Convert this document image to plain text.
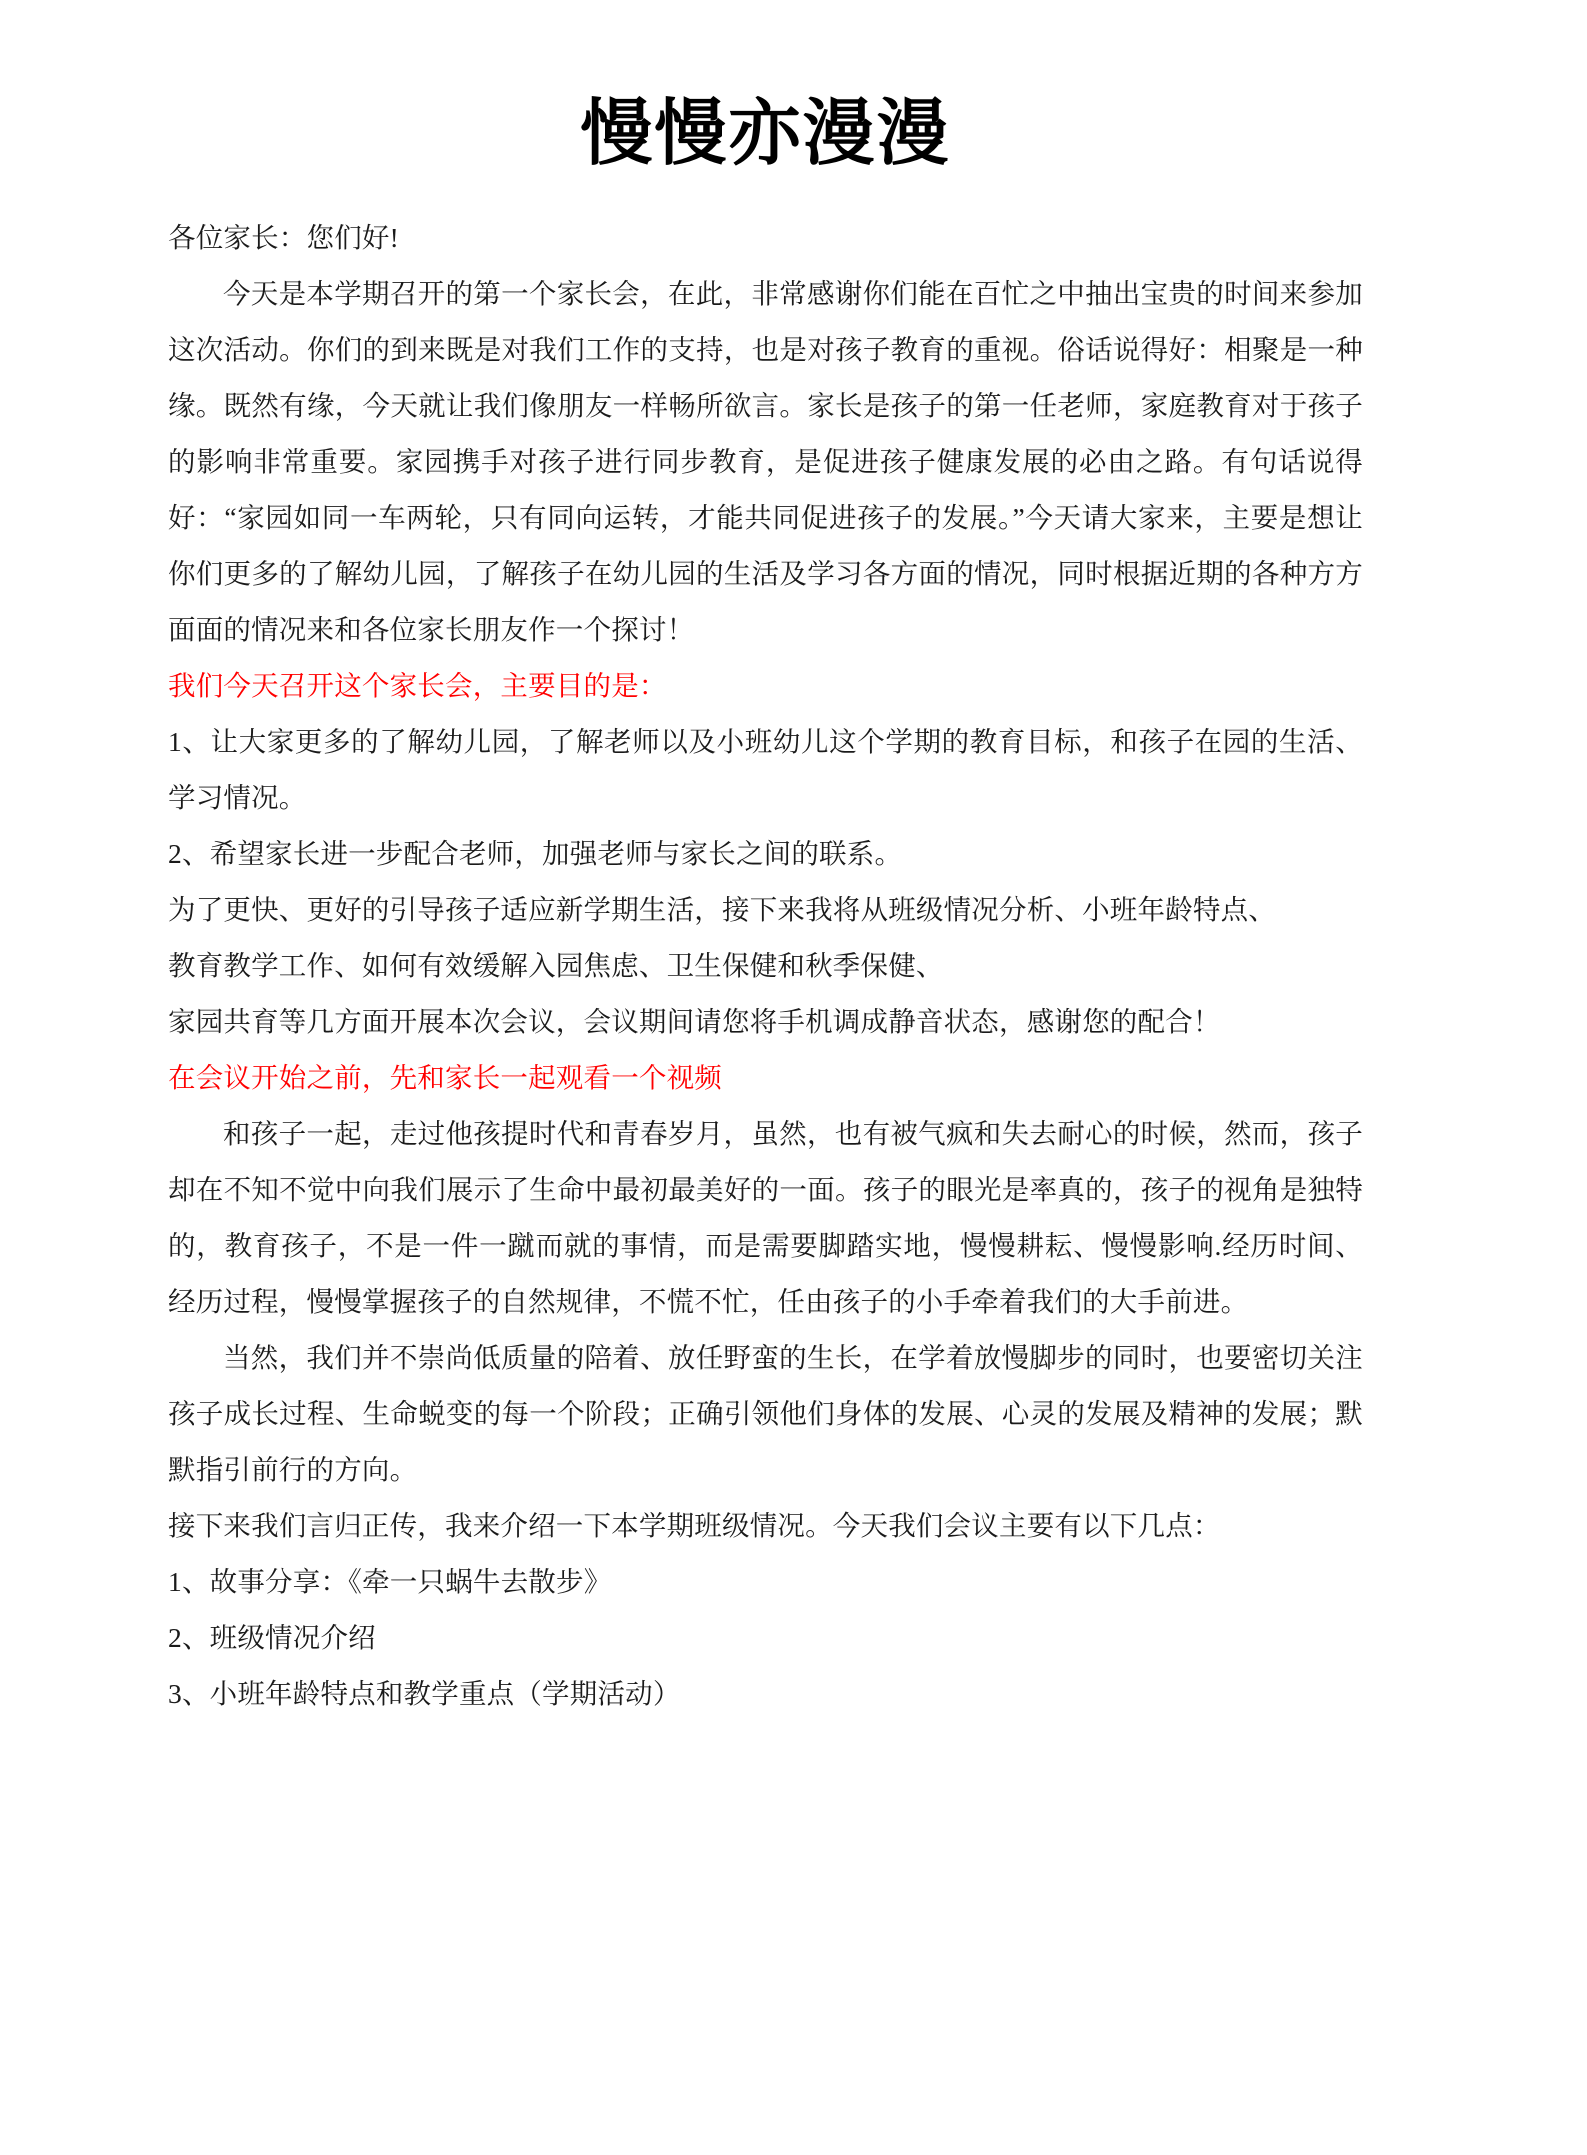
慢慢亦漫漫

各位家长：您们好!

今天是本学期召开的第一个家长会，在此，非常感谢你们能在百忙之中抽出宝贵的时间来参加这次活动。你们的到来既是对我们工作的支持，也是对孩子教育的重视。俗话说得好：相聚是一种缘。既然有缘，今天就让我们像朋友一样畅所欲言。家长是孩子的第一任老师，家庭教育对于孩子的影响非常重要。家园携手对孩子进行同步教育，是促进孩子健康发展的必由之路。有句话说得好：“家园如同一车两轮，只有同向运转，才能共同促进孩子的发展。”今天请大家来，主要是想让你们更多的了解幼儿园，了解孩子在幼儿园的生活及学习各方面的情况，同时根据近期的各种方方面面的情况来和各位家长朋友作一个探讨！

我们今天召开这个家长会，主要目的是：

1、让大家更多的了解幼儿园，了解老师以及小班幼儿这个学期的教育目标，和孩子在园的生活、学习情况。

2、希望家长进一步配合老师，加强老师与家长之间的联系。

为了更快、更好的引导孩子适应新学期生活，接下来我将从班级情况分析、小班年龄特点、

教育教学工作、如何有效缓解入园焦虑、卫生保健和秋季保健、

家园共育等几方面开展本次会议，会议期间请您将手机调成静音状态，感谢您的配合！

在会议开始之前，先和家长一起观看一个视频

和孩子一起，走过他孩提时代和青春岁月，虽然，也有被气疯和失去耐心的时候，然而，孩子却在不知不觉中向我们展示了生命中最初最美好的一面。孩子的眼光是率真的，孩子的视角是独特的，教育孩子，不是一件一蹴而就的事情，而是需要脚踏实地，慢慢耕耘、慢慢影响.经历时间、经历过程，慢慢掌握孩子的自然规律，不慌不忙，任由孩子的小手牵着我们的大手前进。

当然，我们并不崇尚低质量的陪着、放任野蛮的生长，在学着放慢脚步的同时，也要密切关注孩子成长过程、生命蜕变的每一个阶段；正确引领他们身体的发展、心灵的发展及精神的发展；默默指引前行的方向。

接下来我们言归正传，我来介绍一下本学期班级情况。今天我们会议主要有以下几点：

1、故事分享：《牵一只蜗牛去散步》

2、班级情况介绍

3、小班年龄特点和教学重点（学期活动）
